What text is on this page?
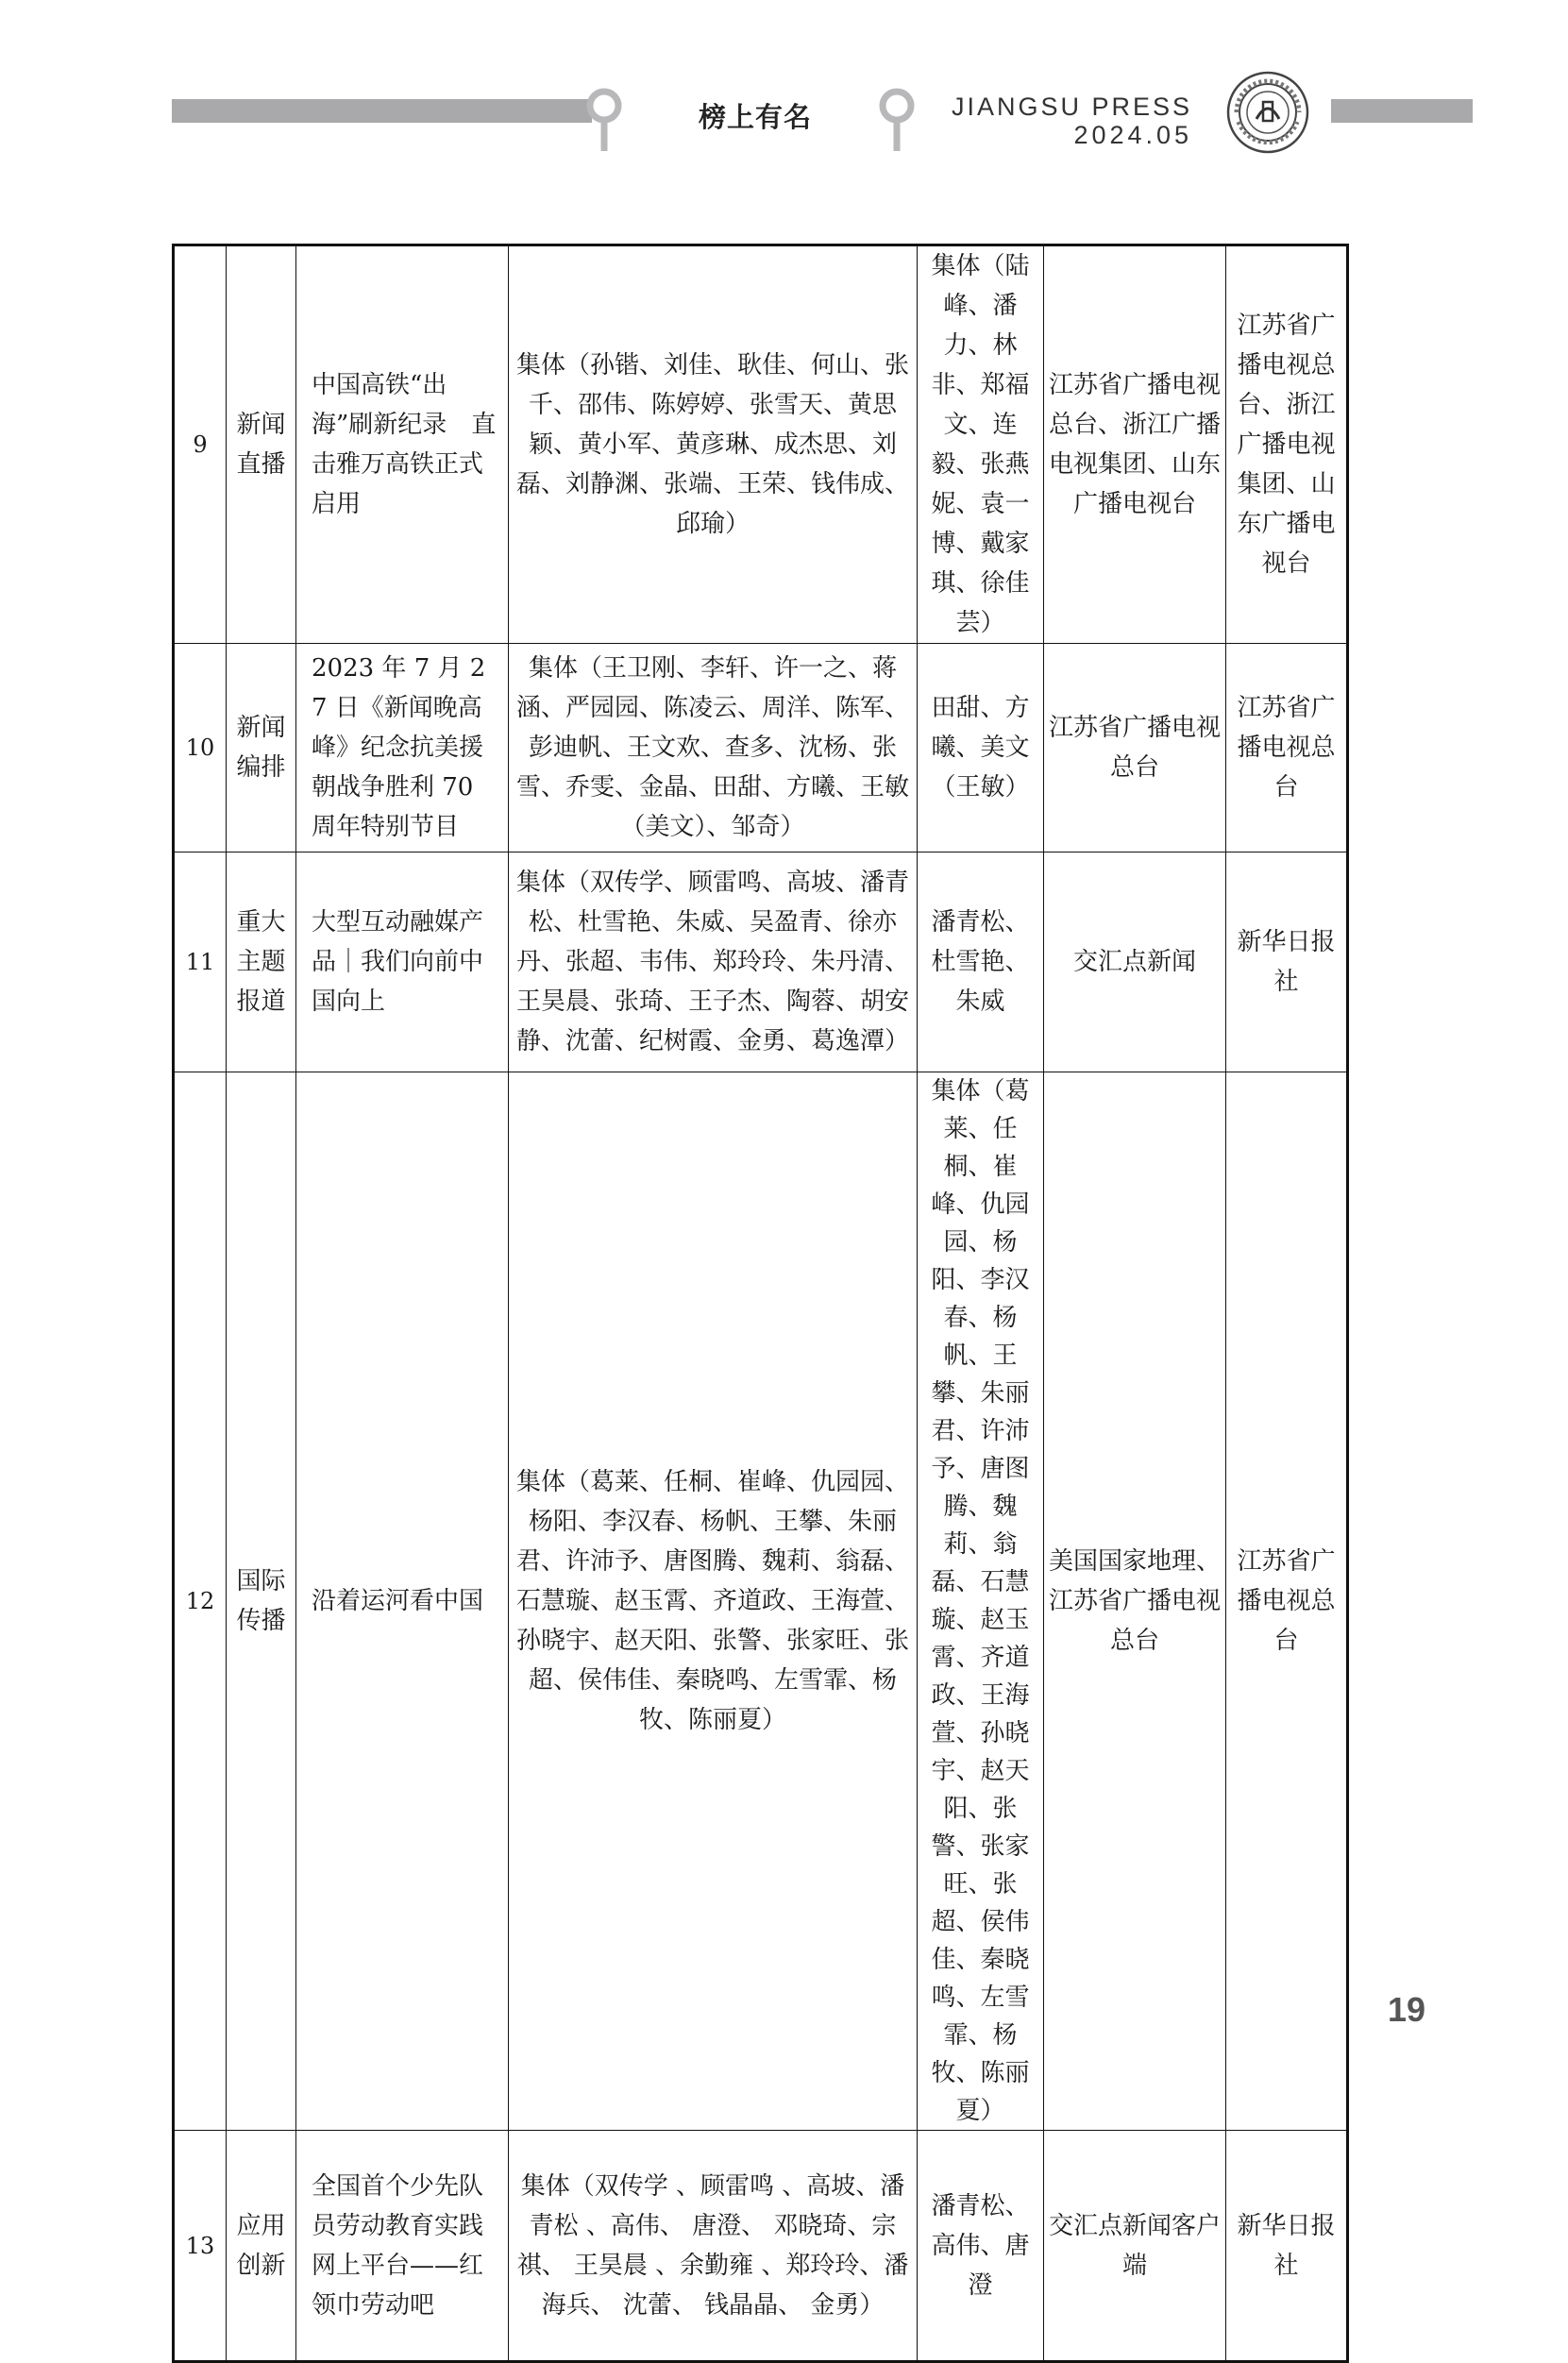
榜上有名	JIANGSU PRESS
2024.05
9	新闻直播	中国高铁“出海”刷新纪录　直击雅万高铁正式启用	集体（孙锴、刘佳、耿佳、何山、张千、邵伟、陈婷婷、张雪天、黄思颖、黄小军、黄彦琳、成杰思、刘磊、刘静渊、张端、王荣、钱伟成、邱瑜）	集体（陆峰、潘力、林非、郑福文、连毅、张燕妮、袁一博、戴家琪、徐佳芸）	江苏省广播电视总台、浙江广播电视集团、山东广播电视台	江苏省广播电视总台、浙江广播电视集团、山东广播电视台
10	新闻编排	2023 年 7 月 27 日《新闻晚高峰》纪念抗美援朝战争胜利 70 周年特别节目	集体（王卫刚、李轩、许一之、蒋涵、严园园、陈凌云、周洋、陈军、彭迪帆、王文欢、查多、沈杨、张雪、乔雯、金晶、田甜、方曦、王敏（美文）、邹奇）	田甜、方曦、美文（王敏）	江苏省广播电视总台	江苏省广播电视总台
11	重大主题报道	大型互动融媒产品｜我们向前中国向上	集体（双传学、顾雷鸣、高坡、潘青松、杜雪艳、朱威、吴盈青、徐亦丹、张超、韦伟、郑玲玲、朱丹清、王昊晨、张琦、王子杰、陶蓉、胡安静、沈蕾、纪树霞、金勇、葛逸潭）	潘青松、杜雪艳、朱威	交汇点新闻	新华日报社
12	国际传播	沿着运河看中国	集体（葛莱、任桐、崔峰、仇园园、杨阳、李汉春、杨帆、王攀、朱丽君、许沛予、唐图腾、魏莉、翁磊、石慧璇、赵玉霄、齐道政、王海萱、孙晓宇、赵天阳、张警、张家旺、张超、侯伟佳、秦晓鸣、左雪霏、杨牧、陈丽夏）	集体（葛莱、任桐、崔峰、仇园园、杨阳、李汉春、杨帆、王攀、朱丽君、许沛予、唐图腾、魏莉、翁磊、石慧璇、赵玉霄、齐道政、王海萱、孙晓宇、赵天阳、张警、张家旺、张超、侯伟佳、秦晓鸣、左雪霏、杨牧、陈丽夏）	美国国家地理、江苏省广播电视总台	江苏省广播电视总台
13	应用创新	全国首个少先队员劳动教育实践网上平台——红领巾劳动吧	集体（双传学 、顾雷鸣 、高坡、潘青松 、高伟、 唐澄、 邓晓琦、宗祺、 王昊晨 、余勤雍 、郑玲玲、潘海兵、 沈蕾、 钱晶晶、 金勇）	潘青松、高伟、唐澄	交汇点新闻客户端	新华日报社
19
